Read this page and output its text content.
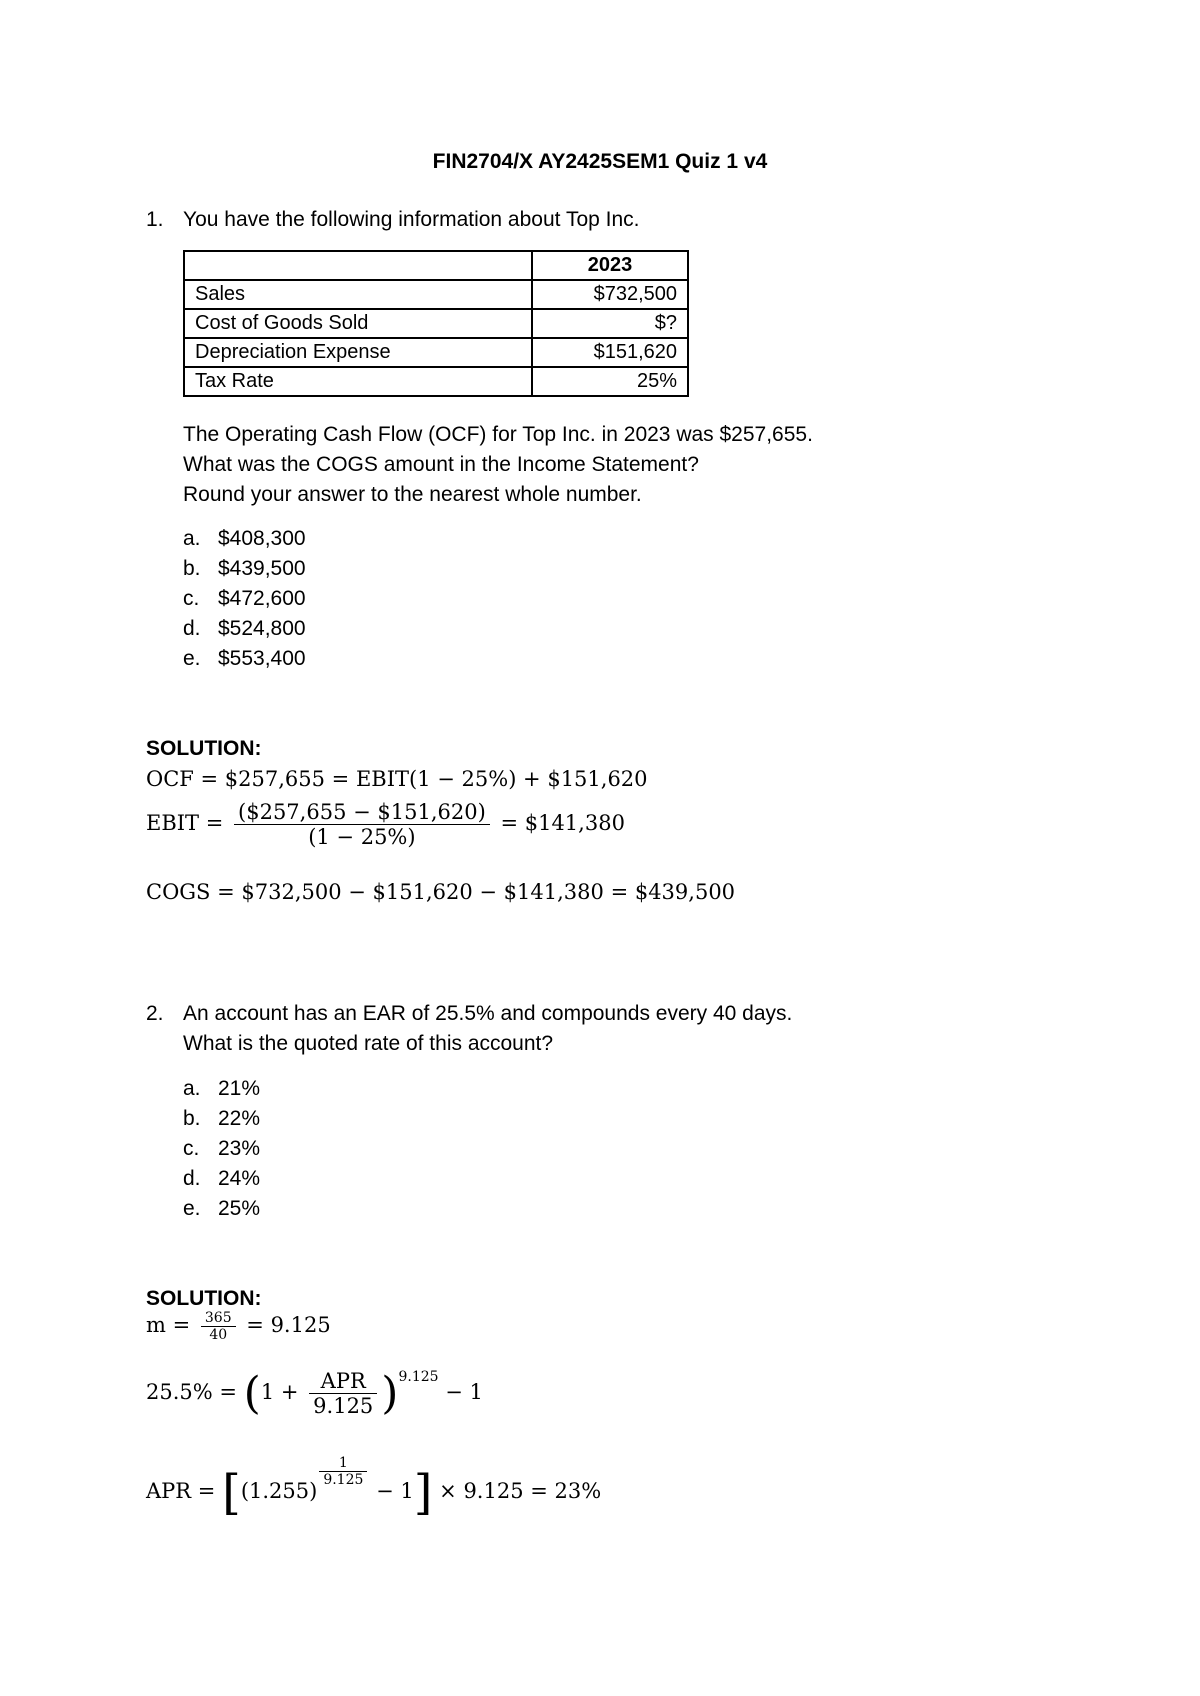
FIN2704/X AY2425SEM1 Quiz 1 v4
1. You have the following information about Top Inc.
	2023
Sales	$732,500
Cost of Goods Sold	$?
Depreciation Expense	$151,620
Tax Rate	25%
The Operating Cash Flow (OCF) for Top Inc. in 2023 was $257,655.
What was the COGS amount in the Income Statement?
Round your answer to the nearest whole number.
a. $408,300
b. $439,500
c. $472,600
d. $524,800
e. $553,400
SOLUTION:
OCF = $257,655 = EBIT(1 − 25%) + $151,620
EBIT = $\frac{(\$257,655 - \$151,620)}{(1 - 25\%)}$ = $141,380
COGS = $732,500 − $151,620 − $141,380 = $439,500
2. An account has an EAR of 25.5% and compounds every 40 days.
What is the quoted rate of this account?
a. 21%
b. 22%
c. 23%
d. 24%
e. 25%
SOLUTION:
$m = \frac{365}{40} = 9.125$
$25.5\% = (1 + \frac{\text{APR}}{9.125} )^{9.125} - 1$
APR = [(1.255)
$\frac{1}{9.125}$
− 1] × 9.125 = 23%
